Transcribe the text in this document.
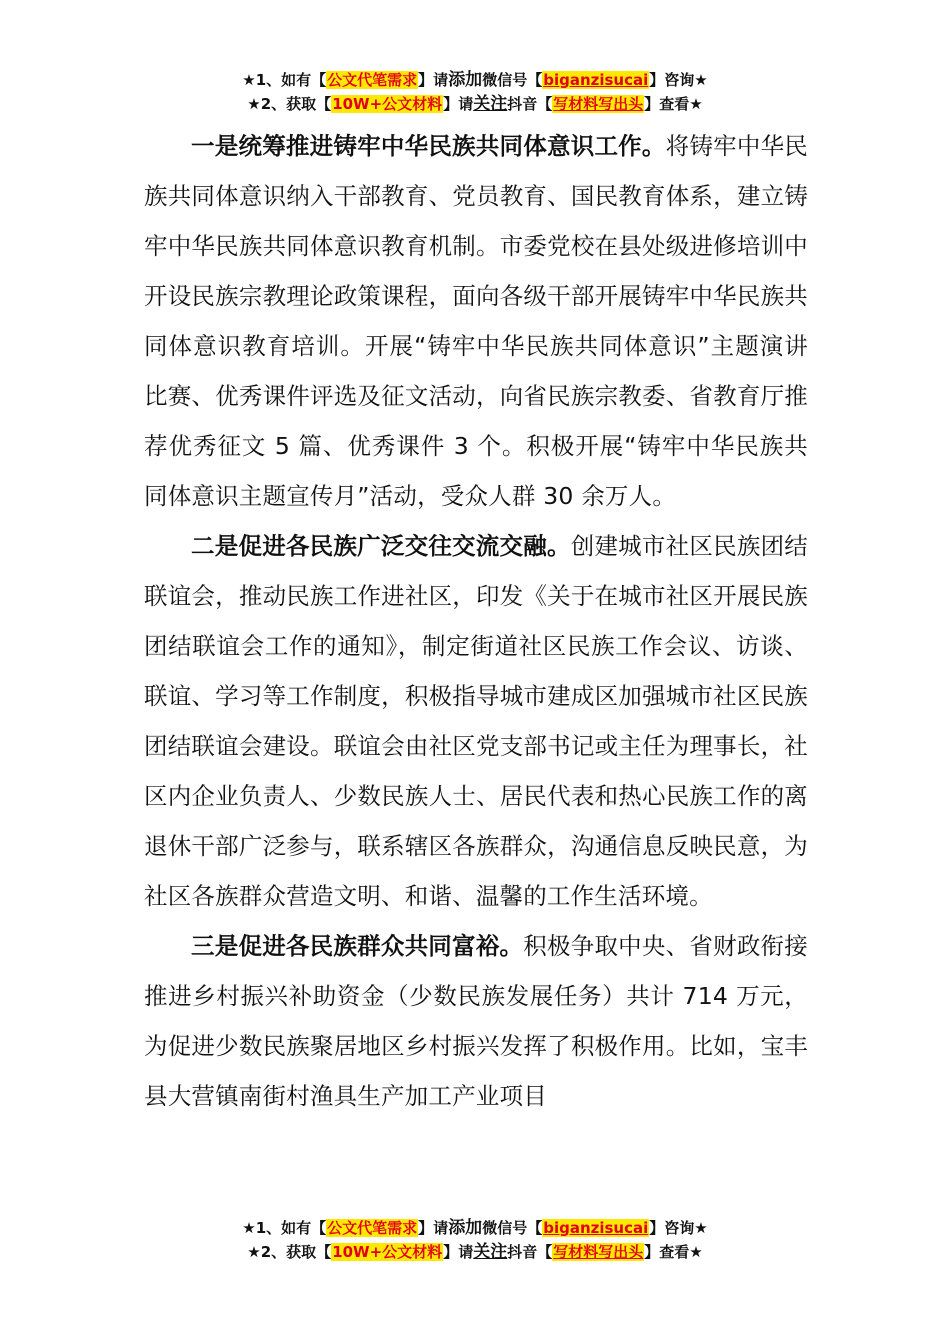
★1、如有【公文代笔需求】请添加微信号【biganzisucai】咨询★
★2、获取【10W+公文材料】请关注抖音【写材料写出头】查看★

一是统筹推进铸牢中华民族共同体意识工作。将铸牢中华民族共同体意识纳入干部教育、党员教育、国民教育体系，建立铸牢中华民族共同体意识教育机制。市委党校在县处级进修培训中开设民族宗教理论政策课程，面向各级干部开展铸牢中华民族共同体意识教育培训。开展“铸牢中华民族共同体意识”主题演讲比赛、优秀课件评选及征文活动，向省民族宗教委、省教育厅推荐优秀征文 5 篇、优秀课件 3 个。积极开展“铸牢中华民族共同体意识主题宣传月”活动，受众人群 30 余万人。

二是促进各民族广泛交往交流交融。创建城市社区民族团结联谊会，推动民族工作进社区，印发《关于在城市社区开展民族团结联谊会工作的通知》，制定街道社区民族工作会议、访谈、联谊、学习等工作制度，积极指导城市建成区加强城市社区民族团结联谊会建设。联谊会由社区党支部书记或主任为理事长，社区内企业负责人、少数民族人士、居民代表和热心民族工作的离退休干部广泛参与，联系辖区各族群众，沟通信息反映民意，为社区各族群众营造文明、和谐、温馨的工作生活环境。

三是促进各民族群众共同富裕。积极争取中央、省财政衔接推进乡村振兴补助资金（少数民族发展任务）共计 714 万元，为促进少数民族聚居地区乡村振兴发挥了积极作用。比如，宝丰县大营镇南街村渔具生产加工产业项目

★1、如有【公文代笔需求】请添加微信号【biganzisucai】咨询★
★2、获取【10W+公文材料】请关注抖音【写材料写出头】查看★
